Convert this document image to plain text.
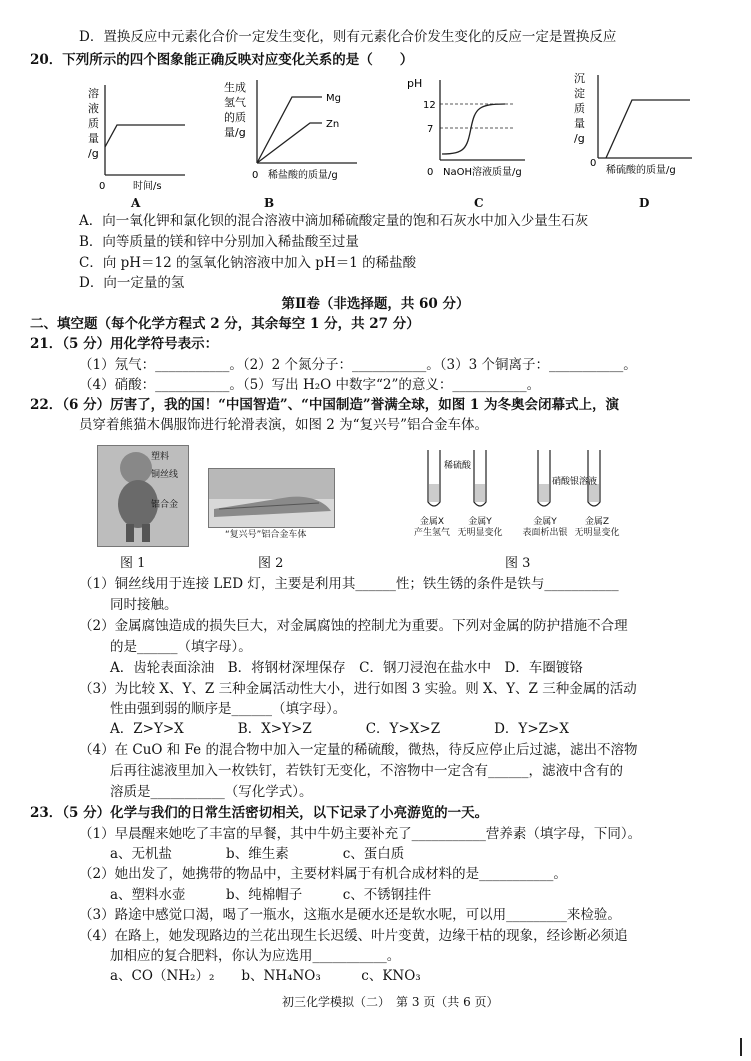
D．置换反应中元素化合价一定发生变化，则有元素化合价发生变化的反应一定是置换反应
20．下列所示的四个图象能正确反映对应变化关系的是（　　）
0	时间/s
溶
液
质
量
/g
A
Mg
Zn
0 稀盐酸的质量/g
生成
氢气
的质
量/g
B
pH
12
7
0 NaOH溶液质量/g
C
沉
淀
质
量
/g
0
稀硫酸的质量/g
D
A．向一氧化钾和氯化钡的混合溶液中滴加稀硫酸定量的饱和石灰水中加入少量生石灰
B．向等质量的镁和锌中分别加入稀盐酸至过量
C．向 pH＝12 的氢氧化钠溶液中加入 pH＝1 的稀盐酸
D．向一定量的氢
第Ⅱ卷（非选择题，共 60 分）
二、填空题（每个化学方程式 2 分，其余每空 1 分，共 27 分）
21．（5 分）用化学符号表示：
（1）氖气：___________。（2）2 个氮分子：___________。（3）3 个铜离子：___________。
（4）硝酸：___________。（5）写出 H₂O 中数字“2”的意义：___________。
22．（6 分）厉害了，我的国！“中国智造”、“中国制造”誉满全球，如图 1 为冬奥会闭幕式上，演
员穿着熊猫木偶服饰进行轮滑表演，如图 2 为“复兴号”铝合金车体。
塑料
铜丝线
铝合金
图 1
“复兴号”铝合金车体
图 2
稀硫酸
硝酸银溶液
金属X
产生氢气
金属Y
无明显变化
金属Y
表面析出银
金属Z
无明显变化
图 3
（1）铜丝线用于连接 LED 灯，主要是利用其______性；铁生锈的条件是铁与___________
同时接触。
（2）金属腐蚀造成的损失巨大，对金属腐蚀的控制尤为重要。下列对金属的防护措施不合理
的是______（填字母）。
A．齿轮表面涂油　B．将钢材深埋保存　C．钢刀浸泡在盐水中　D．车圈镀铬
（3）为比较 X、Y、Z 三种金属活动性大小，进行如图 3 实验。则 X、Y、Z 三种金属的活动
性由强到弱的顺序是______（填字母）。
A．Z>Y>X　　　　B．X>Y>Z　　　　C．Y>X>Z　　　　D．Y>Z>X
（4）在 CuO 和 Fe 的混合物中加入一定量的稀硫酸，微热，待反应停止后过滤，滤出不溶物
后再往滤液里加入一枚铁钉，若铁钉无变化，不溶物中一定含有______，滤液中含有的
溶质是___________（写化学式）。
23．（5 分）化学与我们的日常生活密切相关，以下记录了小亮游览的一天。
（1）早晨醒来她吃了丰富的早餐，其中牛奶主要补充了___________营养素（填字母，下同）。
a、无机盐　　　　b、维生素　　　　c、蛋白质
（2）她出发了，她携带的物品中，主要材料属于有机合成材料的是___________。
a、塑料水壶　　　b、纯棉帽子　　　c、不锈钢挂件
（3）路途中感觉口渴，喝了一瓶水，这瓶水是硬水还是软水呢，可以用_________来检验。
（4）在路上，她发现路边的兰花出现生长迟缓、叶片变黄，边缘干枯的现象，经诊断必须追
加相应的复合肥料，你认为应选用___________。
a、CO（NH₂）₂　　b、NH₄NO₃　　　c、KNO₃
初三化学模拟（二）　第 3 页（共 6 页）
